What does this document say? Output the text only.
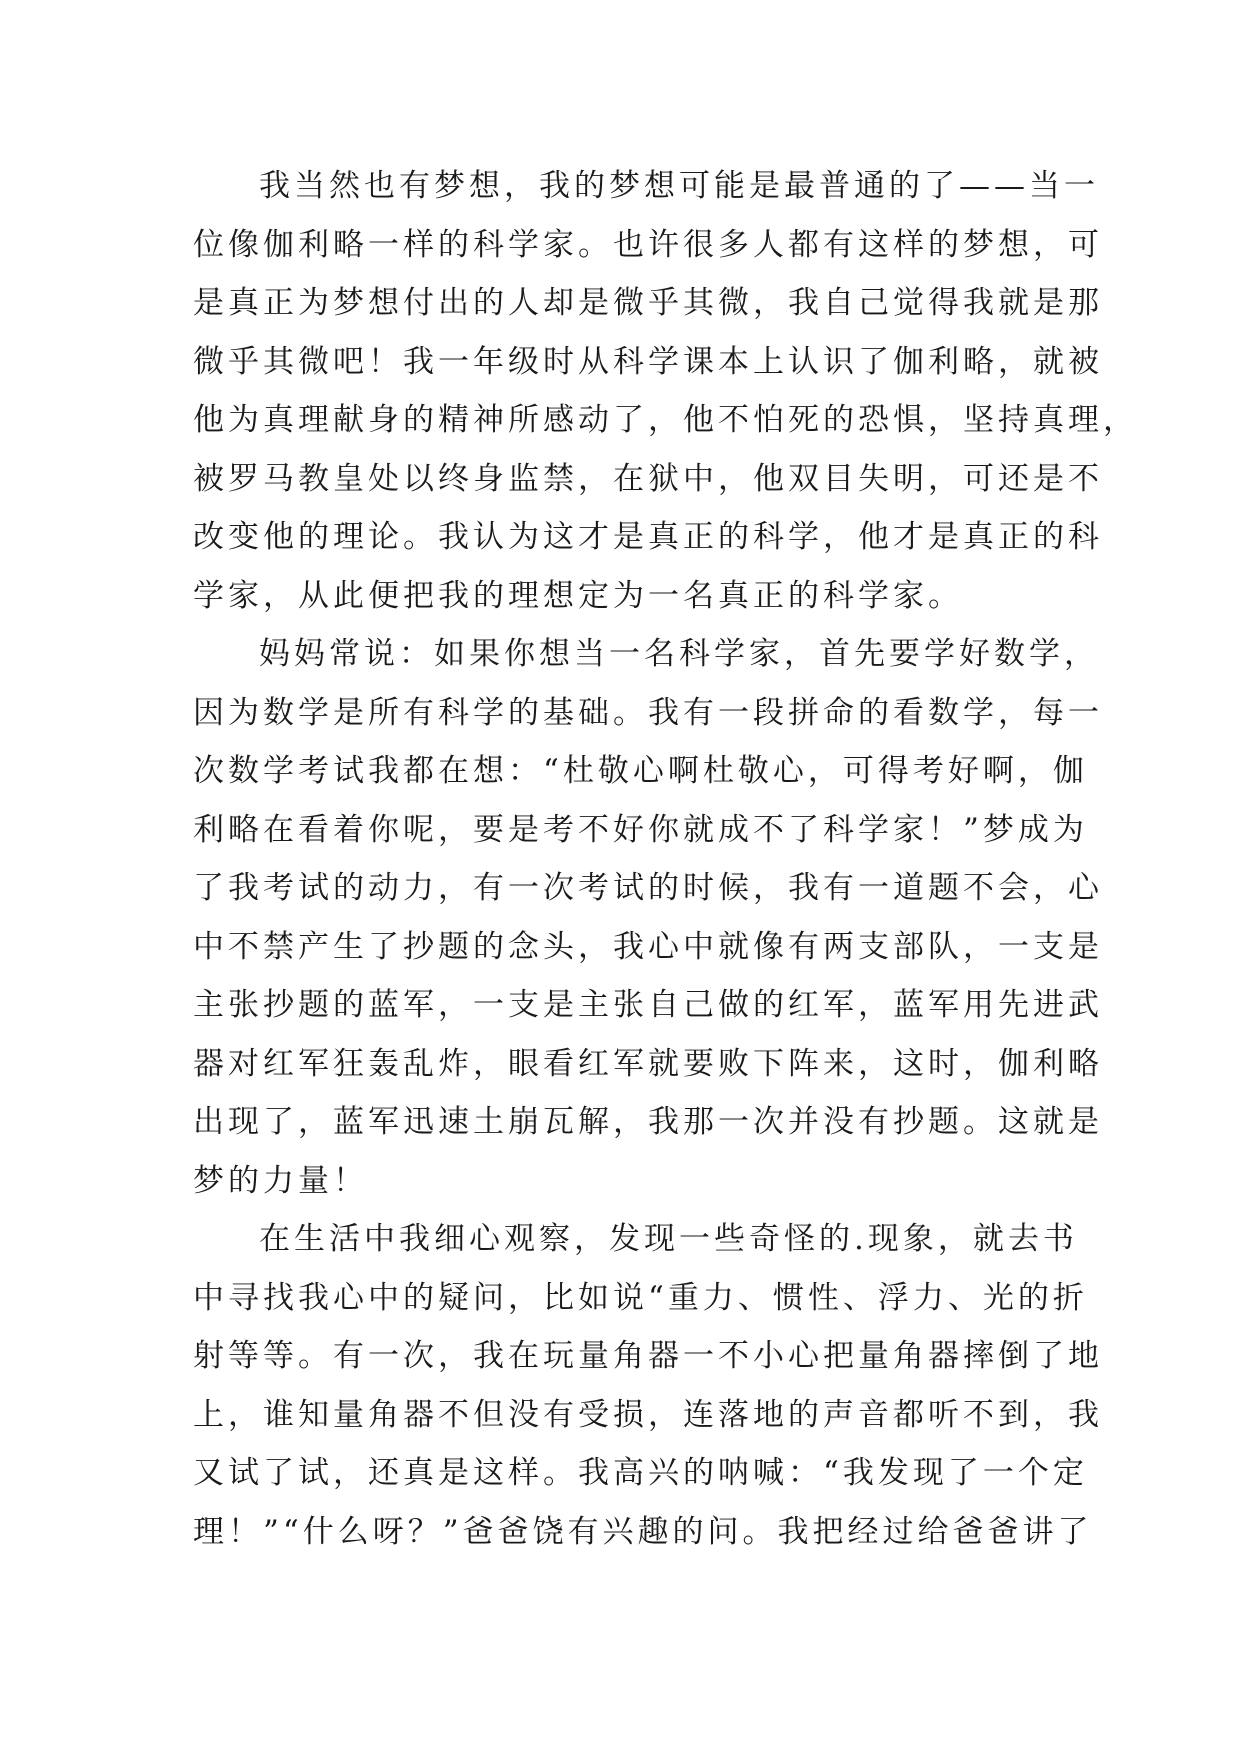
我当然也有梦想，我的梦想可能是最普通的了——当一
位像伽利略一样的科学家。也许很多人都有这样的梦想，可
是真正为梦想付出的人却是微乎其微，我自己觉得我就是那
微乎其微吧！我一年级时从科学课本上认识了伽利略，就被
他为真理献身的精神所感动了，他不怕死的恐惧，坚持真理，
被罗马教皇处以终身监禁，在狱中，他双目失明，可还是不
改变他的理论。我认为这才是真正的科学，他才是真正的科
学家，从此便把我的理想定为一名真正的科学家。
妈妈常说：如果你想当一名科学家，首先要学好数学，
因为数学是所有科学的基础。我有一段拼命的看数学，每一
次数学考试我都在想：“杜敬心啊杜敬心，可得考好啊，伽
利略在看着你呢，要是考不好你就成不了科学家！”梦成为
了我考试的动力，有一次考试的时候，我有一道题不会，心
中不禁产生了抄题的念头，我心中就像有两支部队，一支是
主张抄题的蓝军，一支是主张自己做的红军，蓝军用先进武
器对红军狂轰乱炸，眼看红军就要败下阵来，这时，伽利略
出现了，蓝军迅速土崩瓦解，我那一次并没有抄题。这就是
梦的力量！
在生活中我细心观察，发现一些奇怪的.现象，就去书
中寻找我心中的疑问，比如说“重力、惯性、浮力、光的折
射等等。有一次，我在玩量角器一不小心把量角器摔倒了地
上，谁知量角器不但没有受损，连落地的声音都听不到，我
又试了试，还真是这样。我高兴的呐喊：“我发现了一个定
理！”“什么呀？”爸爸饶有兴趣的问。我把经过给爸爸讲了
